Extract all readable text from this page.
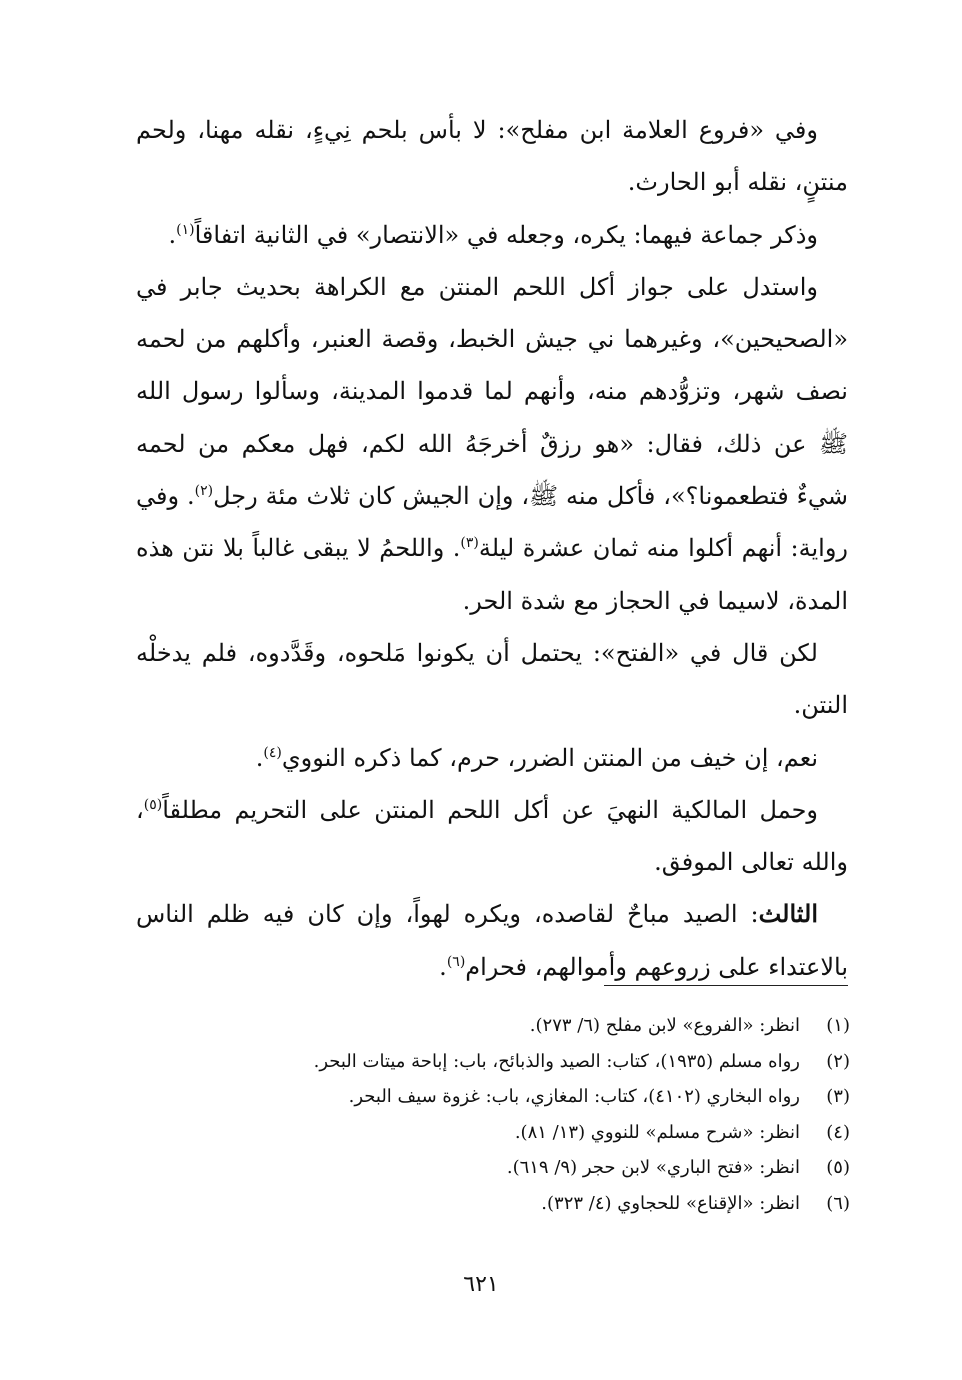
وفي «فروع العلامة ابن مفلح»: لا بأس بلحم نِيءٍ، نقله مهنا، ولحم منتنٍ، نقله أبو الحارث.

وذكر جماعة فيهما: يكره، وجعله في «الانتصار» في الثانية اتفاقاً$^{(١)}$.

واستدل على جواز أكل اللحم المنتن مع الكراهة بحديث جابر في «الصحيحين»، وغيرهما ني جيش الخبط، وقصة العنبر، وأكلهم من لحمه نصف شهر، وتزوُّدهم منه، وأنهم لما قدموا المدينة، وسألوا رسول الله ﷺ عن ذلك، فقال: «هو رزقٌ أخرجَهُ الله لكم، فهل معكم من لحمه شيءٌ فتطعمونا؟»، فأكل منه ﷺ، وإن الجيش كان ثلاث مئة رجل$^{(٢)}$. وفي رواية: أنهم أكلوا منه ثمان عشرة ليلة$^{(٣)}$. واللحمُ لا يبقى غالباً بلا نتن هذه المدة، لاسيما في الحجاز مع شدة الحر.

لكن قال في «الفتح»: يحتمل أن يكونوا مَلحوه، وقَدَّدوه، فلم يدخلْه النتن.

نعم، إن خيف من المنتن الضرر، حرم، كما ذكره النووي$^{(٤)}$.

وحمل المالكية النهيَ عن أكل اللحم المنتن على التحريم مطلقاً$^{(٥)}$، والله تعالى الموفق.

الثالث: الصيد مباحٌ لقاصده، ويكره لهواً، وإن كان فيه ظلم الناس بالاعتداء على زروعهم وأموالهم، فحرام$^{(٦)}$.

(١)
انظر: «الفروع» لابن مفلح (٦/ ٢٧٣).
(٢)
رواه مسلم (١٩٣٥)، كتاب: الصيد والذبائح، باب: إباحة ميتات البحر.
(٣)
رواه البخاري (٤١٠٢)، كتاب: المغازي، باب: غزوة سيف البحر.
(٤)
انظر: «شرح مسلم» للنووي (١٣/ ٨١).
(٥)
انظر: «فتح الباري» لابن حجر (٩/ ٦١٩).
(٦)
انظر: «الإقناع» للحجاوي (٤/ ٣٢٣).
٦٢١
